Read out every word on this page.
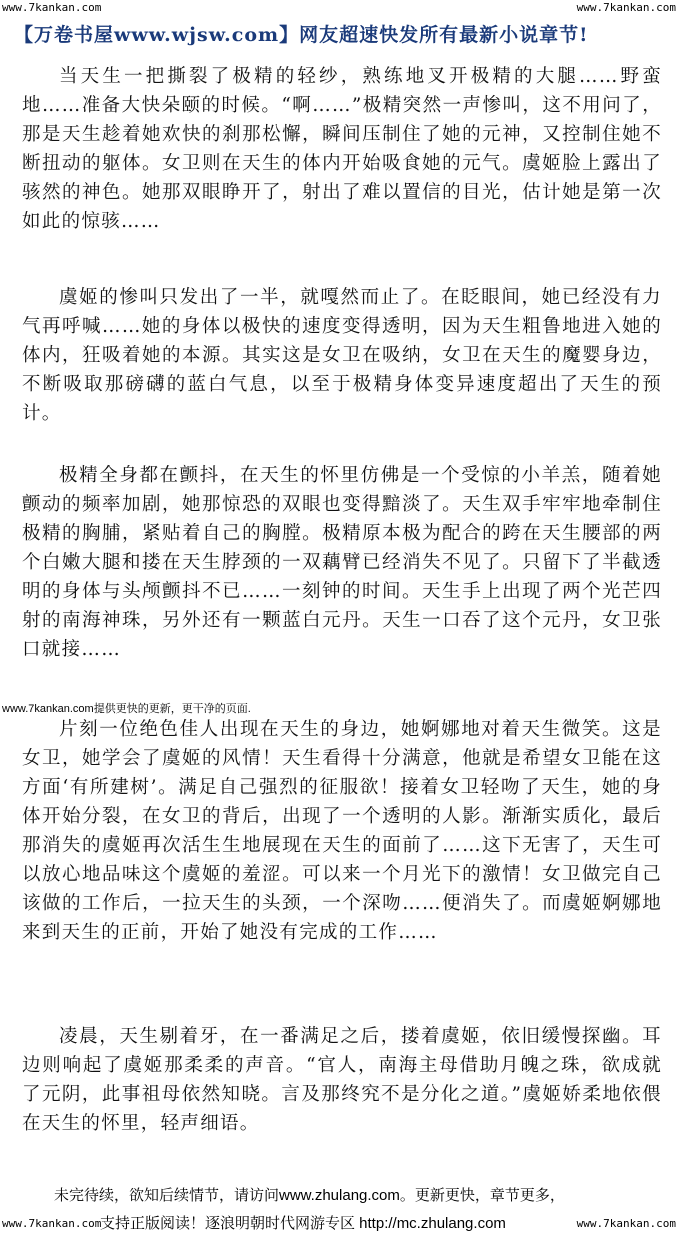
www.7kankan.com	www.7kankan.com
【万卷书屋www.wjsw.com】网友超速快发所有最新小说章节!

当天生一把撕裂了极精的轻纱，熟练地叉开极精的大腿……野蛮地……准备大快朵颐的时候。“啊……”极精突然一声惨叫，这不用问了，那是天生趁着她欢快的刹那松懈，瞬间压制住了她的元神，又控制住她不断扭动的躯体。女卫则在天生的体内开始吸食她的元气。虞姬脸上露出了骇然的神色。她那双眼睁开了，射出了难以置信的目光，估计她是第一次如此的惊骇……

虞姬的惨叫只发出了一半，就嘎然而止了。在眨眼间，她已经没有力气再呼喊……她的身体以极快的速度变得透明，因为天生粗鲁地进入她的体内，狂吸着她的本源。其实这是女卫在吸纳，女卫在天生的魔婴身边，不断吸取那磅礴的蓝白气息，以至于极精身体变异速度超出了天生的预计。

极精全身都在颤抖，在天生的怀里仿佛是一个受惊的小羊羔，随着她颤动的频率加剧，她那惊恐的双眼也变得黯淡了。天生双手牢牢地牵制住极精的胸脯，紧贴着自己的胸膛。极精原本极为配合的跨在天生腰部的两个白嫩大腿和搂在天生脖颈的一双藕臂已经消失不见了。只留下了半截透明的身体与头颅颤抖不已……一刻钟的时间。天生手上出现了两个光芒四射的南海神珠，另外还有一颗蓝白元丹。天生一口吞了这个元丹，女卫张口就接……

www.7kankan.com提供更快的更新，更干净的页面.

片刻一位绝色佳人出现在天生的身边，她婀娜地对着天生微笑。这是女卫，她学会了虞姬的风情！天生看得十分满意，他就是希望女卫能在这方面‘有所建树’。满足自己强烈的征服欲！接着女卫轻吻了天生，她的身体开始分裂，在女卫的背后，出现了一个透明的人影。渐渐实质化，最后那消失的虞姬再次活生生地展现在天生的面前了……这下无害了，天生可以放心地品味这个虞姬的羞涩。可以来一个月光下的激情！女卫做完自己该做的工作后，一拉天生的头颈，一个深吻……便消失了。而虞姬婀娜地来到天生的正前，开始了她没有完成的工作……

凌晨，天生剔着牙，在一番满足之后，搂着虞姬，依旧缓慢探幽。耳边则响起了虞姬那柔柔的声音。“官人，南海主母借助月魄之珠，欲成就了元阴，此事祖母依然知晓。言及那终究不是分化之道。”虞姬娇柔地依偎在天生的怀里，轻声细语。

未完待续，欲知后续情节，请访问www.zhulang.com。更新更快，章节更多，
支持正版阅读！逐浪明朝时代网游专区 http://mc.zhulang.com
www.7kankan.com	www.7kankan.com
